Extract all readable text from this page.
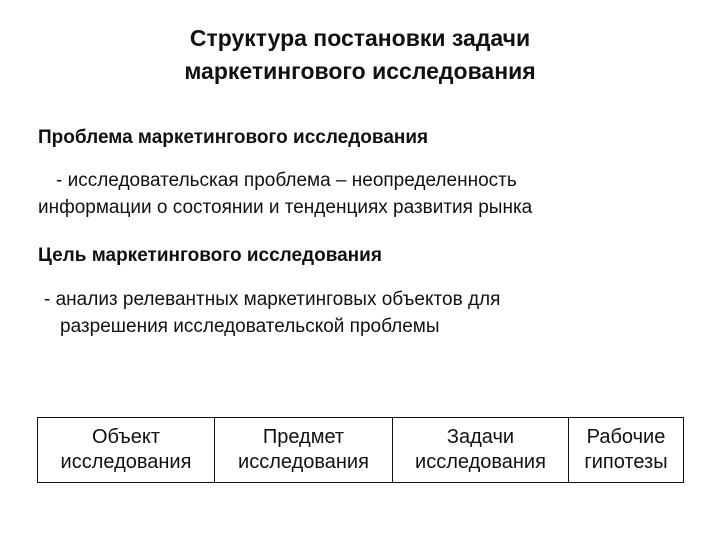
Структура постановки задачи
маркетингового исследования
Проблема маркетингового исследования
- исследовательская проблема – неопределенность
информации о состоянии и тенденциях развития рынка
Цель маркетингового исследования
- анализ релевантных маркетинговых объектов для
разрешения исследовательской проблемы
Объект
исследования
Предмет
исследования
Задачи
исследования
Рабочие
гипотезы
